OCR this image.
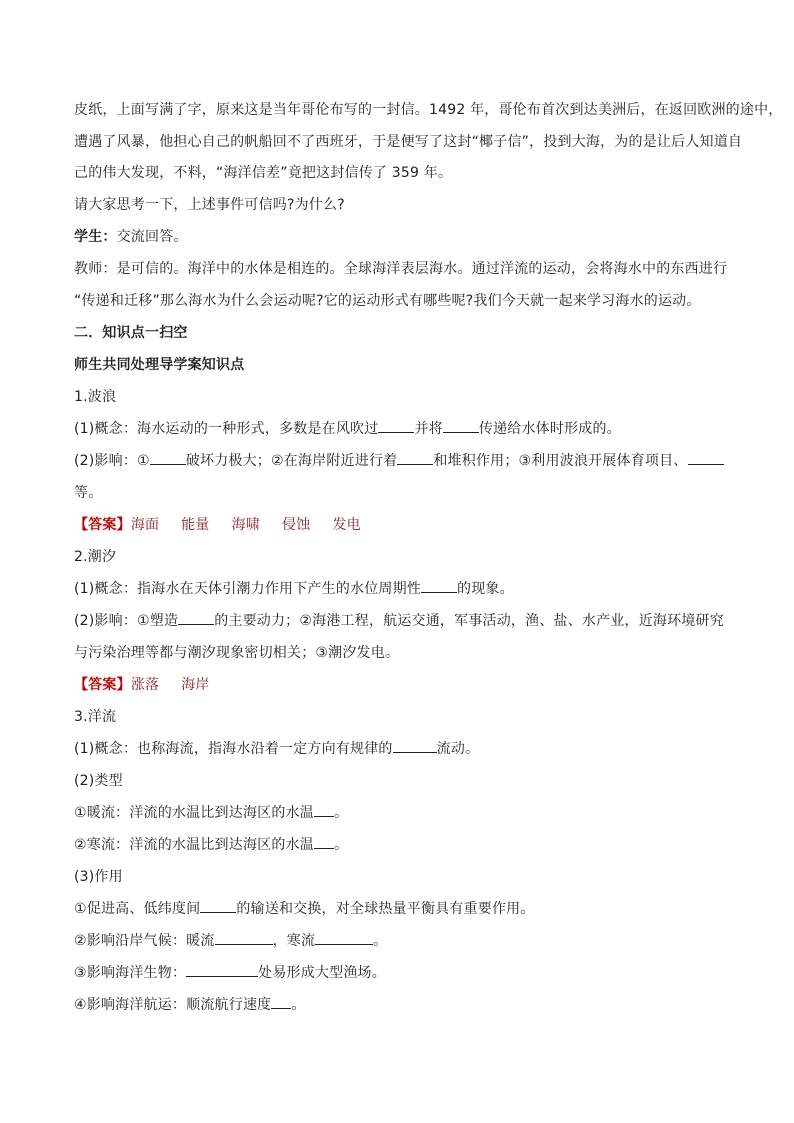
皮纸，上面写满了字，原来这是当年哥伦布写的一封信。1492 年，哥伦布首次到达美洲后，在返回欧洲的途中，
遭遇了风暴，他担心自己的帆船回不了西班牙，于是便写了这封“椰子信”，投到大海，为的是让后人知道自
己的伟大发现，不料，“海洋信差”竟把这封信传了 359 年。
请大家思考一下，上述事件可信吗?为什么?
学生：交流回答。
教师：是可信的。海洋中的水体是相连的。全球海洋表层海水。通过洋流的运动，会将海水中的东西进行
“传递和迁移”那么海水为什么会运动呢?它的运动形式有哪些呢?我们今天就一起来学习海水的运动。
二．知识点一扫空
师生共同处理导学案知识点
1.波浪
(1)概念：海水运动的一种形式，多数是在风吹过	并将	传递给水体时形成的。
(2)影响：①	破坏力极大；②在海岸附近进行着	和堆积作用；③利用波浪开展体育项目、
等。
【答案】海面 能量 海啸 侵蚀 发电
2.潮汐
(1)概念：指海水在天体引潮力作用下产生的水位周期性	的现象。
(2)影响：①塑造	的主要动力；②海港工程，航运交通，军事活动，渔、盐、水产业，近海环境研究
与污染治理等都与潮汐现象密切相关；③潮汐发电。
【答案】涨落 海岸
3.洋流
(1)概念：也称海流，指海水沿着一定方向有规律的	流动。
(2)类型
①暖流：洋流的水温比到达海区的水温 。
②寒流：洋流的水温比到达海区的水温 。
(3)作用
①促进高、低纬度间	的输送和交换，对全球热量平衡具有重要作用。
②影响沿岸气候：暖流	，寒流	。
③影响海洋生物：	处易形成大型渔场。
④影响海洋航运：顺流航行速度 。
